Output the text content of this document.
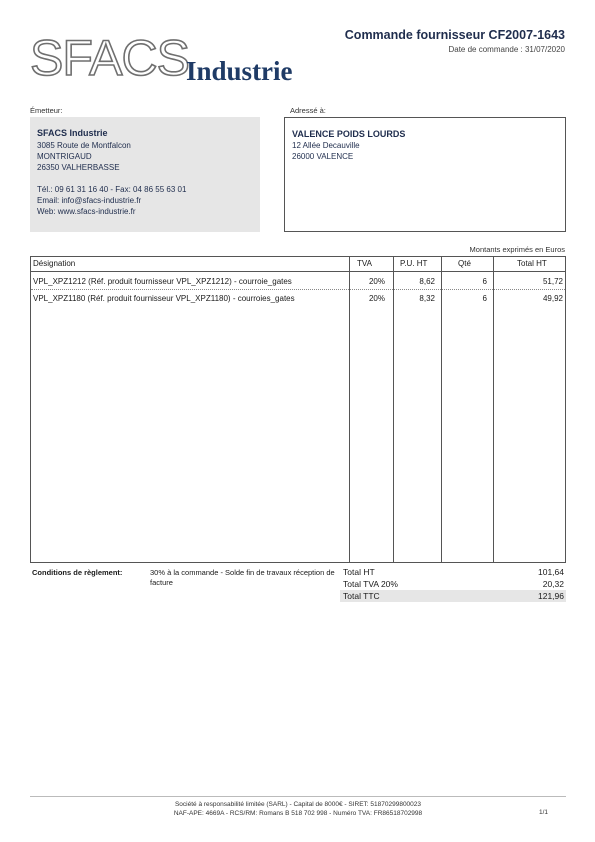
SFACS
Industrie
Commande fournisseur CF2007-1643
Date de commande : 31/07/2020
Émetteur:
SFACS Industrie
3085 Route de Montfalcon
MONTRIGAUD
26350 VALHERBASSE
Tél.: 09 61 31 16 40 - Fax: 04 86 55 63 01
Email: info@sfacs-industrie.fr
Web: www.sfacs-industrie.fr
Adressé à:
VALENCE POIDS LOURDS
12 Allée Decauville
26000 VALENCE
Montants exprimés en Euros
Désignation	TVA	P.U. HT	Qté	Total HT
VPL_XPZ1212 (Réf. produit fournisseur VPL_XPZ1212) - courroie_gates	20%	8,62	6	51,72
VPL_XPZ1180 (Réf. produit fournisseur VPL_XPZ1180) - courroies_gates	20%	8,32	6	49,92
Conditions de règlement:	30% à la commande - Solde fin de travaux réception de facture
Total HT	101,64
Total TVA 20%	20,32
Total TTC	121,96
Société à responsabilité limitée (SARL) - Capital de 8000€ - SIRET: 51870299800023
NAF-APE: 4669A - RCS/RM: Romans B 518 702 998 - Numéro TVA: FR86518702998	1/1
